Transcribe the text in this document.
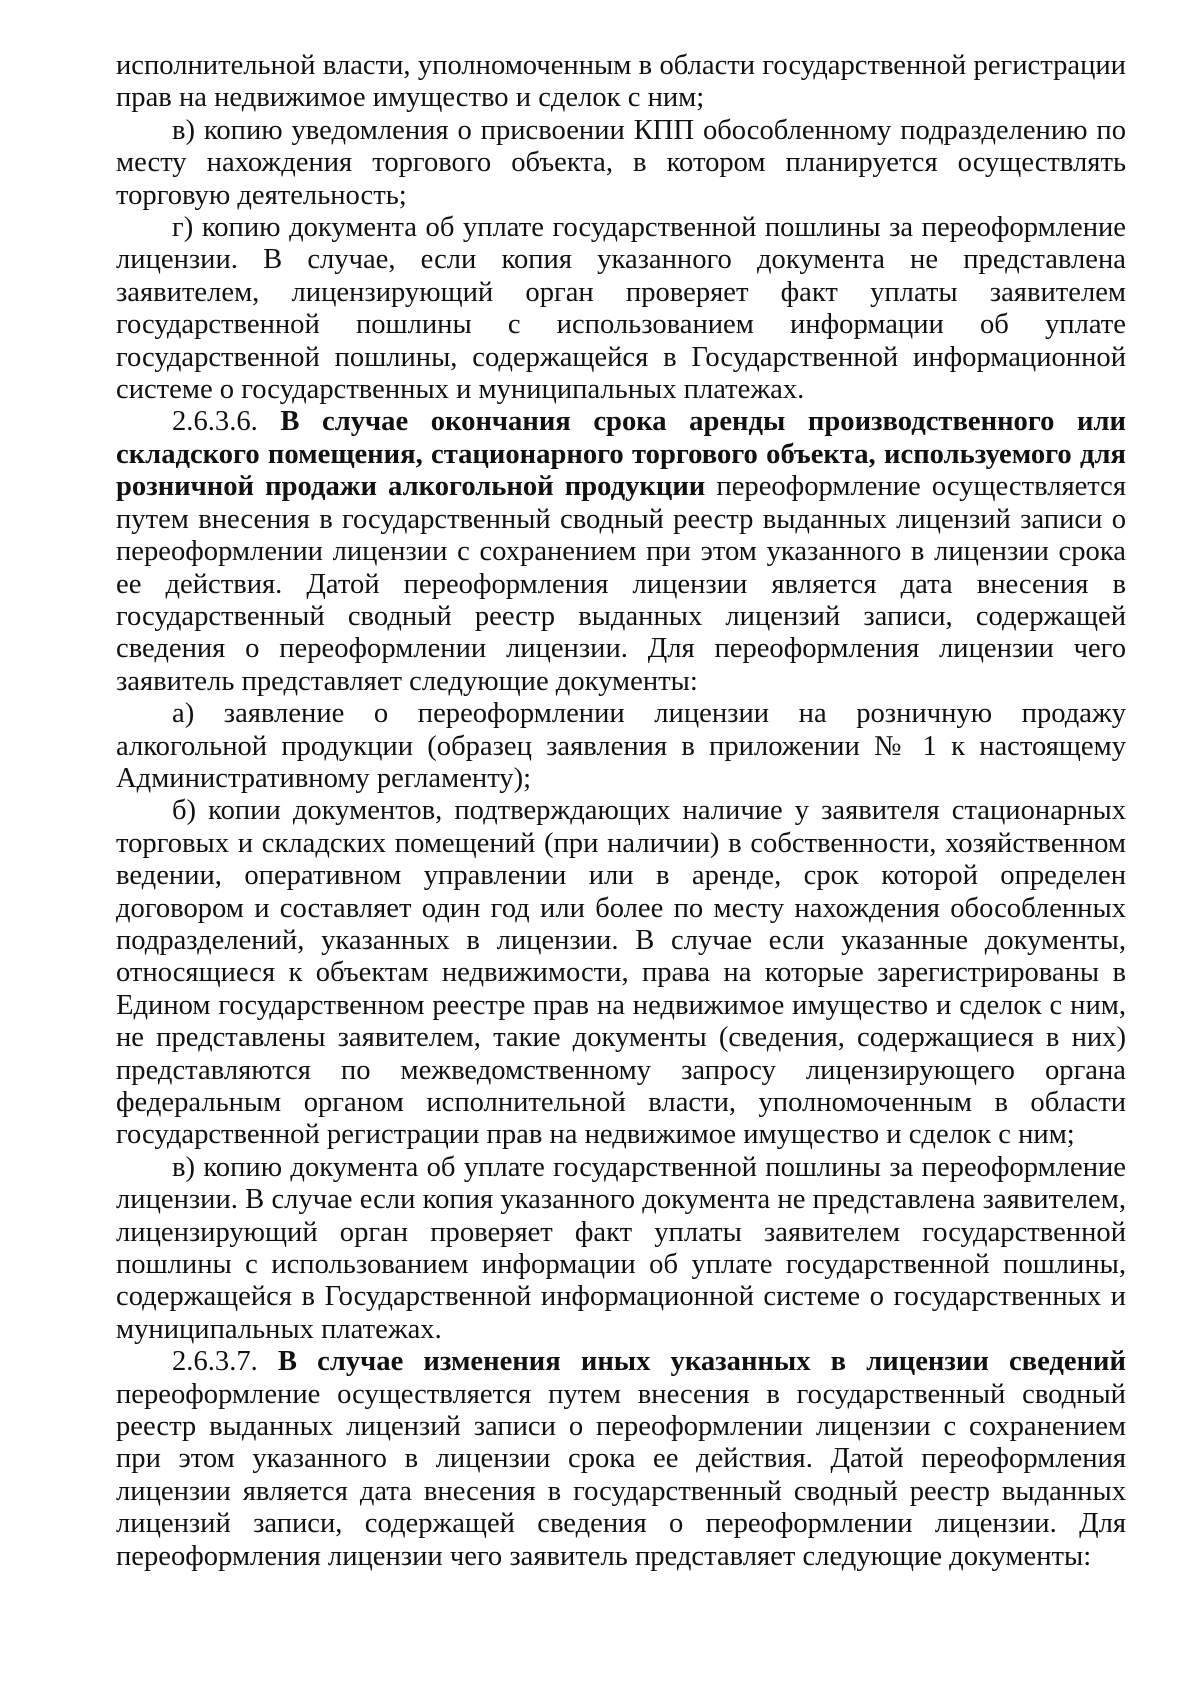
исполнительной власти, уполномоченным в области государственной регистрации прав на недвижимое имущество и сделок с ним;

в) копию уведомления о присвоении КПП обособленному подразделению по месту нахождения торгового объекта, в котором планируется осуществлять торговую деятельность;

г) копию документа об уплате государственной пошлины за переоформление лицензии. В случае, если копия указанного документа не представлена заявителем, лицензирующий орган проверяет факт уплаты заявителем государственной пошлины с использованием информации об уплате государственной пошлины, содержащейся в Государственной информационной системе о государственных и муниципальных платежах.

2.6.3.6. В случае окончания срока аренды производственного или складского помещения, стационарного торгового объекта, используемого для розничной продажи алкогольной продукции переоформление осуществляется путем внесения в государственный сводный реестр выданных лицензий записи о переоформлении лицензии с сохранением при этом указанного в лицензии срока ее действия. Датой переоформления лицензии является дата внесения в государственный сводный реестр выданных лицензий записи, содержащей сведения о переоформлении лицензии. Для переоформления лицензии чего заявитель представляет следующие документы:

а) заявление о переоформлении лицензии на розничную продажу алкогольной продукции (образец заявления в приложении № 1 к настоящему Административному регламенту);

б) копии документов, подтверждающих наличие у заявителя стационарных торговых и складских помещений (при наличии) в собственности, хозяйственном ведении, оперативном управлении или в аренде, срок которой определен договором и составляет один год или более по месту нахождения обособленных подразделений, указанных в лицензии. В случае если указанные документы, относящиеся к объектам недвижимости, права на которые зарегистрированы в Едином государственном реестре прав на недвижимое имущество и сделок с ним, не представлены заявителем, такие документы (сведения, содержащиеся в них) представляются по межведомственному запросу лицензирующего органа федеральным органом исполнительной власти, уполномоченным в области государственной регистрации прав на недвижимое имущество и сделок с ним;

в) копию документа об уплате государственной пошлины за переоформление лицензии. В случае если копия указанного документа не представлена заявителем, лицензирующий орган проверяет факт уплаты заявителем государственной пошлины с использованием информации об уплате государственной пошлины, содержащейся в Государственной информационной системе о государственных и муниципальных платежах.

2.6.3.7. В случае изменения иных указанных в лицензии сведений переоформление осуществляется путем внесения в государственный сводный реестр выданных лицензий записи о переоформлении лицензии с сохранением при этом указанного в лицензии срока ее действия. Датой переоформления лицензии является дата внесения в государственный сводный реестр выданных лицензий записи, содержащей сведения о переоформлении лицензии. Для переоформления лицензии чего заявитель представляет следующие документы:
